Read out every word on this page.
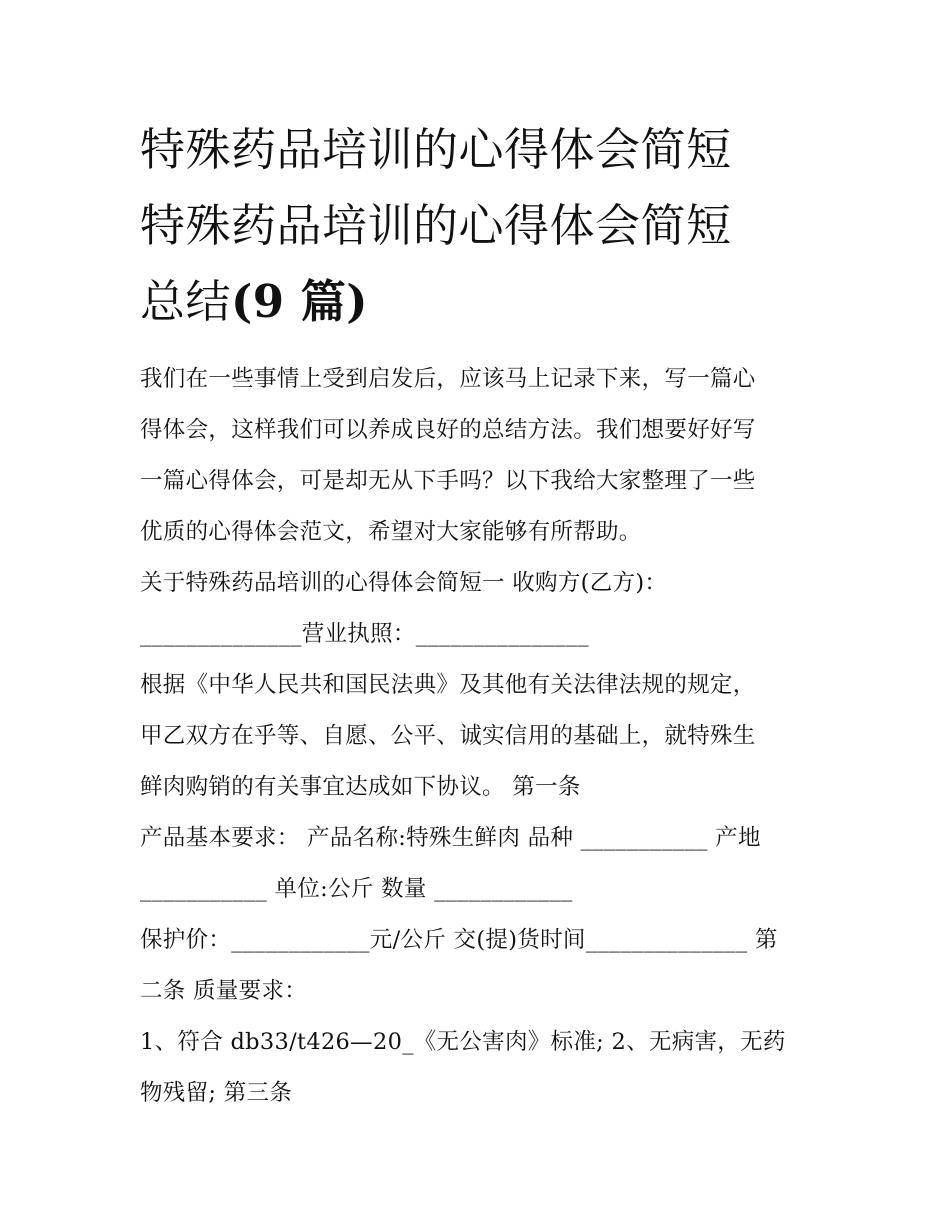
特殊药品培训的心得体会简短

特殊药品培训的心得体会简短

总结(9 篇)

我们在一些事情上受到启发后，应该马上记录下来，写一篇心

得体会，这样我们可以养成良好的总结方法。我们想要好好写

一篇心得体会，可是却无从下手吗？以下我给大家整理了一些

优质的心得体会范文，希望对大家能够有所帮助。

关于特殊药品培训的心得体会简短一 收购方(乙方)：

______________营业执照：_______________

根据《中华人民共和国民法典》及其他有关法律法规的规定，

甲乙双方在乎等、自愿、公平、诚实信用的基础上，就特殊生

鲜肉购销的有关事宜达成如下协议。 第一条

产品基本要求： 产品名称:特殊生鲜肉 品种 ___________ 产地

___________ 单位:公斤 数量 ____________

保护价：____________元/公斤 交(提)货时间______________ 第

二条 质量要求：

1、符合 db33/t426—20_《无公害肉》标准; 2、无病害，无药

物残留; 第三条
